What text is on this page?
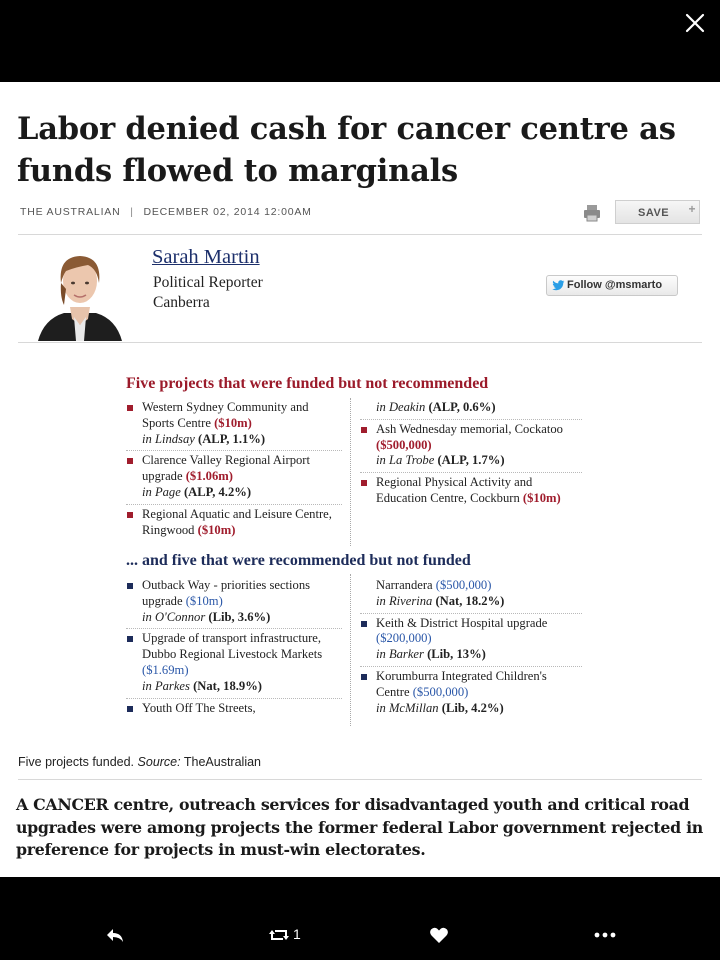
Labor denied cash for cancer centre as funds flowed to marginals
THE AUSTRALIAN | DECEMBER 02, 2014 12:00AM	SAVE +
Sarah Martin
Political Reporter
Canberra
Follow @msmarto
Five projects that were funded but not recommended
Western Sydney Community and Sports Centre ($10m)
in Lindsay (ALP, 1.1%)
Clarence Valley Regional Airport upgrade ($1.06m)
in Page (ALP, 4.2%)
Regional Aquatic and Leisure Centre, Ringwood ($10m)
in Deakin (ALP, 0.6%)
Ash Wednesday memorial, Cockatoo ($500,000)
in La Trobe (ALP, 1.7%)
Regional Physical Activity and Education Centre, Cockburn ($10m)
... and five that were recommended but not funded
Outback Way - priorities sections upgrade ($10m)
in O'Connor (Lib, 3.6%)
Upgrade of transport infrastructure, Dubbo Regional Livestock Markets ($1.69m)
in Parkes (Nat, 18.9%)
Youth Off The Streets,
Narrandera ($500,000)
in Riverina (Nat, 18.2%)
Keith & District Hospital upgrade ($200,000)
in Barker (Lib, 13%)
Korumburra Integrated Children's Centre ($500,000)
in McMillan (Lib, 4.2%)
Five projects funded. Source: TheAustralian

A CANCER centre, outreach services for disadvantaged youth and critical road upgrades were among projects the former federal Labor government rejected in preference for projects in must-win electorates.

1
